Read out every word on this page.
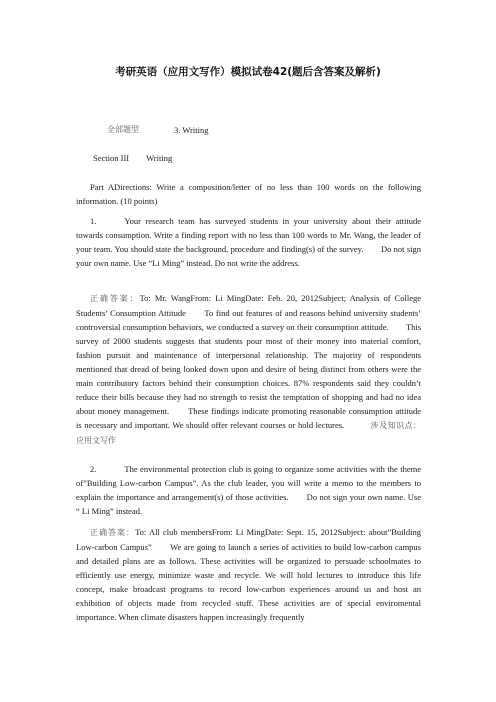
考研英语（应用文写作）模拟试卷42(题后含答案及解析)
全部题型	3. Writing
Section III　　Writing
Part ADirections: Write a composition/letter of no less than 100 words on the following information. (10 points)
1.	Your research team has surveyed students in your university about their attitude towards consumption. Write a finding report with no less than 100 words to Mr. Wang, the leader of your team. You should state the background, procedure and finding(s) of the survey.　　Do not sign your own name. Use “Li Ming” instead. Do not write the address.
正确答案：To: Mr. WangFrom: Li MingDate: Feb. 20, 2012Subject; Analysis of College Students’ Consumption Attitude　　To find out features of and reasons behind university students’ controversial consumption behaviors, we conducted a survey on their consumption attitude.　　This survey of 2000 students suggests that students pour most of their money into material comfort, fashion pursuit and maintenance of interpersonal relationship. The majority of respondents mentioned that dread of being looked down upon and desire of being distinct from others were the main contributory factors behind their consumption choices. 87% respondents said they couldn’t reduce their bills because they had no strength to resist the temptation of shopping and had no idea about money management.　　These findings indicate promoting reasonable consumption attitude is necessary and important. We should offer relevant courses or hold lectures.	涉及知识点：应用文写作
2.	The environmental protection club is going to organize some activities with the theme of”Building Low-carbon Campus”. As the club leader, you will write a memo to the members to explain the importance and arrangement(s) of those activities.　　Do not sign your own name. Use “ Li Ming” instead.
正确答案：To: All club membersFrom: Li MingDate: Sept. 15, 2012Subject: about”Building Low-carbon Campus”　　We are going to launch a series of activities to build low-carbon campus and detailed plans are as follows. These activities will be organized to persuade schoolmates to efficiently use energy, minimize waste and recycle. We will hold lectures to introduce this life concept, make broadcast programs to record low-carbon experiences around us and host an exhibition of objects made from recycled stuff. These activities are of special enviromental importance. When climate disasters happen increasingly frequently
